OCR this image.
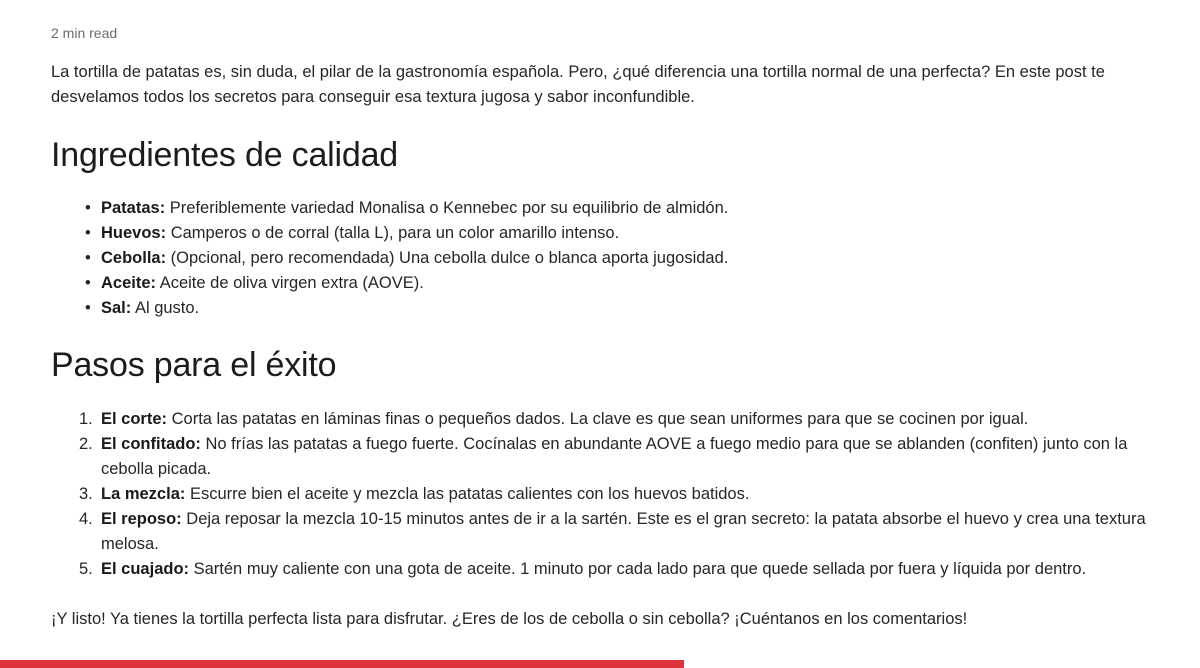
2 min read

La tortilla de patatas es, sin duda, el pilar de la gastronomía española. Pero, ¿qué diferencia una tortilla normal de una perfecta? En este post te desvelamos todos los secretos para conseguir esa textura jugosa y sabor inconfundible.

Ingredientes de calidad
• Patatas: Preferiblemente variedad Monalisa o Kennebec por su equilibrio de almidón.
• Huevos: Camperos o de corral (talla L), para un color amarillo intenso.
• Cebolla: (Opcional, pero recomendada) Una cebolla dulce o blanca aporta jugosidad.
• Aceite: Aceite de oliva virgen extra (AOVE).
• Sal: Al gusto.
Pasos para el éxito
1. El corte: Corta las patatas en láminas finas o pequeños dados. La clave es que sean uniformes para que se cocinen por igual.
2. El confitado: No frías las patatas a fuego fuerte. Cocínalas en abundante AOVE a fuego medio para que se ablanden (confiten) junto con la cebolla picada.
3. La mezcla: Escurre bien el aceite y mezcla las patatas calientes con los huevos batidos.
4. El reposo: Deja reposar la mezcla 10-15 minutos antes de ir a la sartén. Este es el gran secreto: la patata absorbe el huevo y crea una textura melosa.
5. El cuajado: Sartén muy caliente con una gota de aceite. 1 minuto por cada lado para que quede sellada por fuera y líquida por dentro.

¡Y listo! Ya tienes la tortilla perfecta lista para disfrutar. ¿Eres de los de cebolla o sin cebolla? ¡Cuéntanos en los comentarios!
